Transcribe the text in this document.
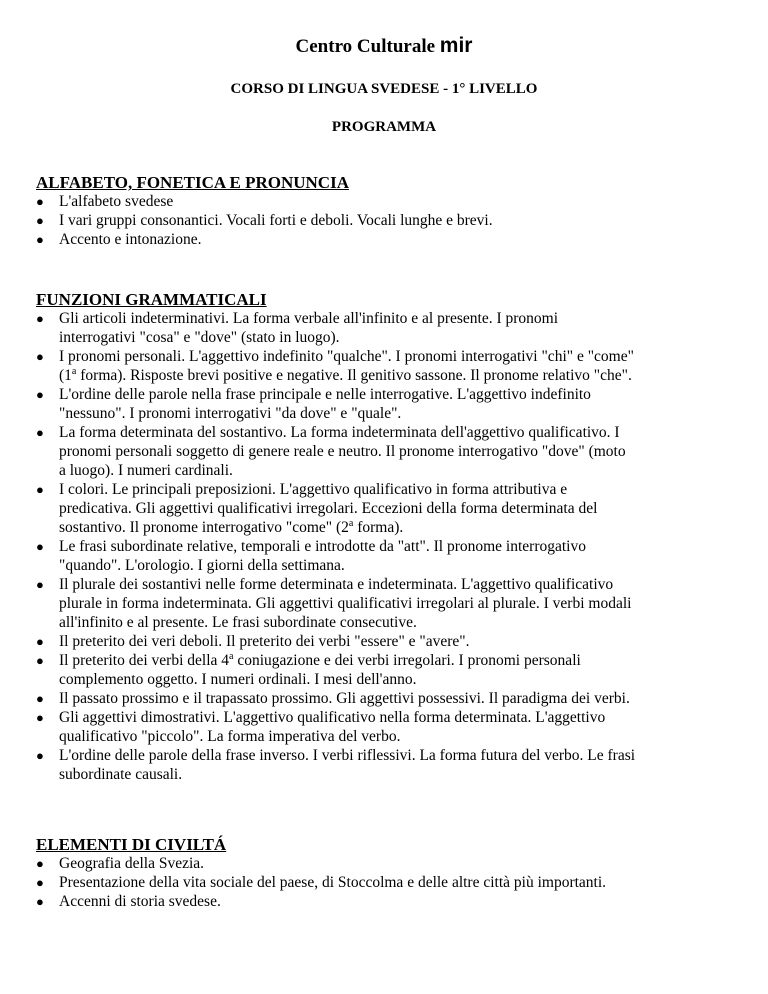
Centro Culturale mir
CORSO DI LINGUA SVEDESE - 1° LIVELLO
PROGRAMMA
ALFABETO, FONETICA E PRONUNCIA
● L'alfabeto svedese
● I vari gruppi consonantici. Vocali forti e deboli. Vocali lunghe e brevi.
● Accento e intonazione.
FUNZIONI GRAMMATICALI
● Gli articoli indeterminativi. La forma verbale all'infinito e al presente. I pronomi
interrogativi "cosa" e "dove" (stato in luogo).
● I pronomi personali. L'aggettivo indefinito "qualche". I pronomi interrogativi "chi" e "come"
(1$^a$ forma). Risposte brevi positive e negative. Il genitivo sassone. Il pronome relativo "che".
● L'ordine delle parole nella frase principale e nelle interrogative. L'aggettivo indefinito
"nessuno". I pronomi interrogativi "da dove" e "quale".
● La forma determinata del sostantivo. La forma indeterminata dell'aggettivo qualificativo. I
pronomi personali soggetto di genere reale e neutro. Il pronome interrogativo "dove" (moto
a luogo). I numeri cardinali.
● I colori. Le principali preposizioni. L'aggettivo qualificativo in forma attributiva e
predicativa. Gli aggettivi qualificativi irregolari. Eccezioni della forma determinata del
sostantivo. Il pronome interrogativo "come" (2$^a$ forma).
● Le frasi subordinate relative, temporali e introdotte da "att". Il pronome interrogativo
"quando". L'orologio. I giorni della settimana.
● Il plurale dei sostantivi nelle forme determinata e indeterminata. L'aggettivo qualificativo
plurale in forma indeterminata. Gli aggettivi qualificativi irregolari al plurale. I verbi modali
all'infinito e al presente. Le frasi subordinate consecutive.
● Il preterito dei veri deboli. Il preterito dei verbi "essere" e "avere".
● Il preterito dei verbi della 4$^a$ coniugazione e dei verbi irregolari. I pronomi personali
complemento oggetto. I numeri ordinali. I mesi dell'anno.
● Il passato prossimo e il trapassato prossimo. Gli aggettivi possessivi. Il paradigma dei verbi.
● Gli aggettivi dimostrativi. L'aggettivo qualificativo nella forma determinata. L'aggettivo
qualificativo "piccolo". La forma imperativa del verbo.
● L'ordine delle parole della frase inverso. I verbi riflessivi. La forma futura del verbo. Le frasi
subordinate causali.
ELEMENTI DI CIVILTÁ
● Geografia della Svezia.
● Presentazione della vita sociale del paese, di Stoccolma e delle altre città più importanti.
● Accenni di storia svedese.
